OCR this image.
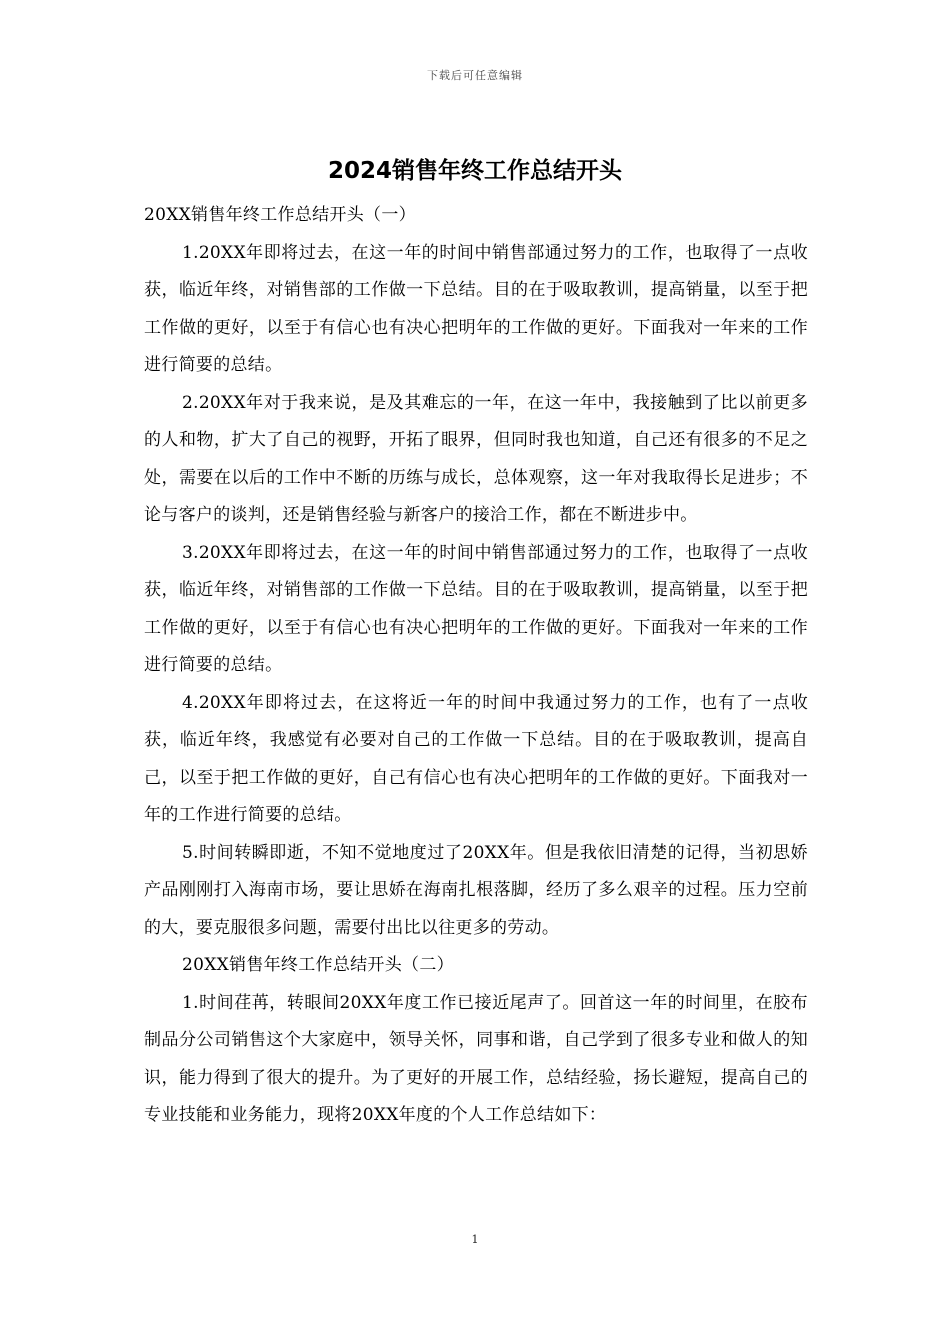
下载后可任意编辑
2024销售年终工作总结开头

20XX销售年终工作总结开头（一）

1.20XX年即将过去，在这一年的时间中销售部通过努力的工作，也取得了一点收获，临近年终，对销售部的工作做一下总结。目的在于吸取教训，提高销量，以至于把工作做的更好，以至于有信心也有决心把明年的工作做的更好。下面我对一年来的工作进行简要的总结。

2.20XX年对于我来说，是及其难忘的一年，在这一年中，我接触到了比以前更多的人和物，扩大了自己的视野，开拓了眼界，但同时我也知道，自己还有很多的不足之处，需要在以后的工作中不断的历练与成长，总体观察，这一年对我取得长足进步；不论与客户的谈判，还是销售经验与新客户的接洽工作，都在不断进步中。

3.20XX年即将过去，在这一年的时间中销售部通过努力的工作，也取得了一点收获，临近年终，对销售部的工作做一下总结。目的在于吸取教训，提高销量，以至于把工作做的更好，以至于有信心也有决心把明年的工作做的更好。下面我对一年来的工作进行简要的总结。

4.20XX年即将过去，在这将近一年的时间中我通过努力的工作，也有了一点收获，临近年终，我感觉有必要对自己的工作做一下总结。目的在于吸取教训，提高自己，以至于把工作做的更好，自己有信心也有决心把明年的工作做的更好。下面我对一年的工作进行简要的总结。

5.时间转瞬即逝，不知不觉地度过了20XX年。但是我依旧清楚的记得，当初思娇产品刚刚打入海南市场，要让思娇在海南扎根落脚，经历了多么艰辛的过程。压力空前的大，要克服很多问题，需要付出比以往更多的劳动。

20XX销售年终工作总结开头（二）

1.时间荏苒，转眼间20XX年度工作已接近尾声了。回首这一年的时间里，在胶布制品分公司销售这个大家庭中，领导关怀，同事和谐，自己学到了很多专业和做人的知识，能力得到了很大的提升。为了更好的开展工作，总结经验，扬长避短，提高自己的专业技能和业务能力，现将20XX年度的个人工作总结如下：

1
